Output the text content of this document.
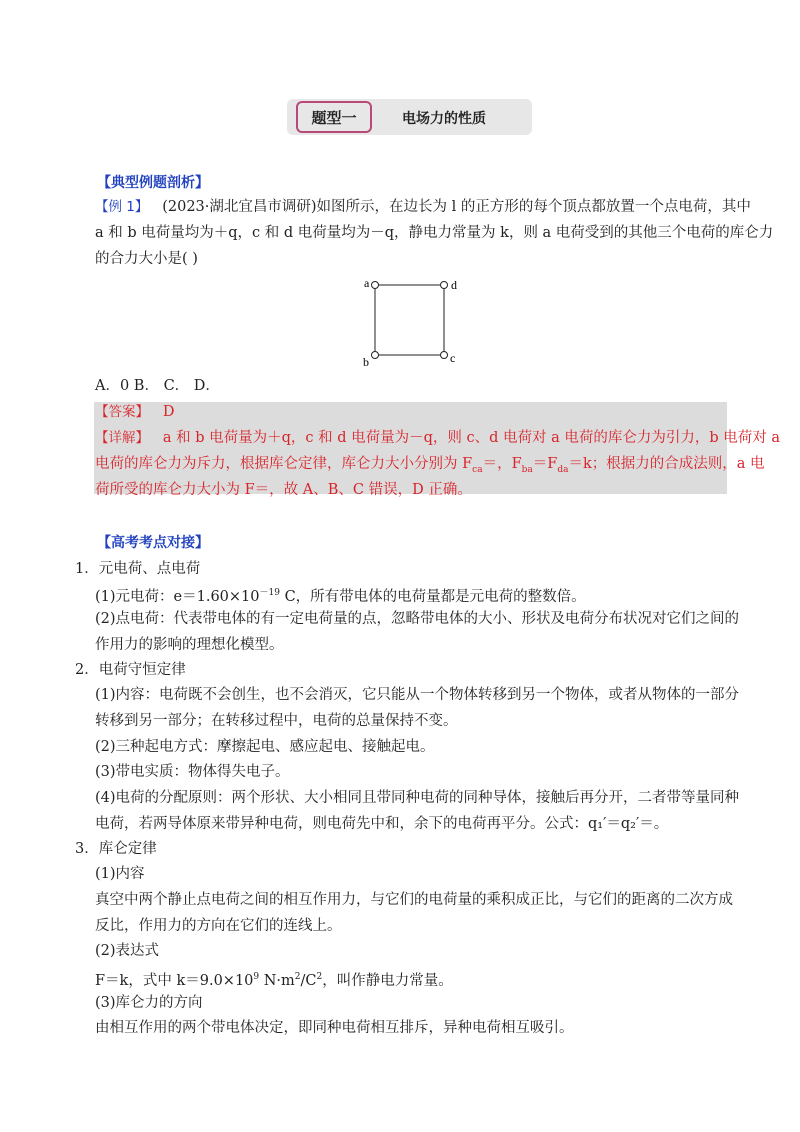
题型一	电场力的性质
【典型例题剖析】
【例 1】 (2023·湖北宜昌市调研)如图所示，在边长为 l 的正方形的每个顶点都放置一个点电荷，其中
a 和 b 电荷量均为＋q，c 和 d 电荷量均为－q，静电力常量为 k，则 a 电荷受到的其他三个电荷的库仑力
的合力大小是( )
a	d
b	c
A．0 B． C． D．
【答案】 D
【详解】 a 和 b 电荷量为＋q，c 和 d 电荷量为－q，则 c、d 电荷对 a 电荷的库仑力为引力，b 电荷对 a
电荷的库仑力为斥力，根据库仑定律，库仑力大小分别为 $F_{ca}=$，$F_{ba}=F_{da}=k$；根据力的合成法则，a 电
荷所受的库仑力大小为 F＝，故 A、B、C 错误，D 正确。
【高考考点对接】
1．元电荷、点电荷
(1)元电荷：$e=1.60\times 10^{-19}$ C，所有带电体的电荷量都是元电荷的整数倍。
(2)点电荷：代表带电体的有一定电荷量的点，忽略带电体的大小、形状及电荷分布状况对它们之间的
作用力的影响的理想化模型。
2．电荷守恒定律
(1)内容：电荷既不会创生，也不会消灭，它只能从一个物体转移到另一个物体，或者从物体的一部分
转移到另一部分；在转移过程中，电荷的总量保持不变。
(2)三种起电方式：摩擦起电、感应起电、接触起电。
(3)带电实质：物体得失电子。
(4)电荷的分配原则：两个形状、大小相同且带同种电荷的同种导体，接触后再分开，二者带等量同种
电荷，若两导体原来带异种电荷，则电荷先中和，余下的电荷再平分。公式：q₁′＝q₂′＝。
3．库仑定律
(1)内容
真空中两个静止点电荷之间的相互作用力，与它们的电荷量的乘积成正比，与它们的距离的二次方成
反比，作用力的方向在它们的连线上。
(2)表达式
F＝k，式中 $k=9.0\times 10^9$ $N\cdot m^2/C^2$，叫作静电力常量。
(3)库仑力的方向
由相互作用的两个带电体决定，即同种电荷相互排斥，异种电荷相互吸引。
